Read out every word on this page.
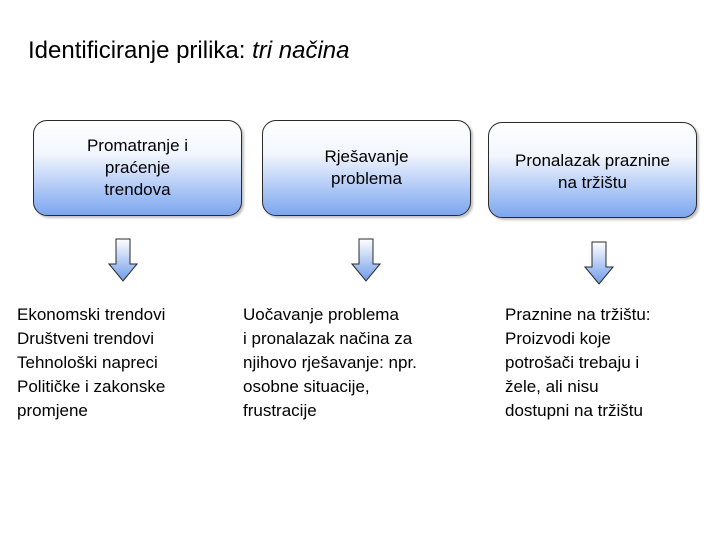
Identificiranje prilika: tri načina
Promatranje i
praćenje
trendova
Rješavanje
problema
Pronalazak praznine
na tržištu
Ekonomski trendovi
Društveni trendovi
Tehnološki napreci
Političke i zakonske
promjene
Uočavanje problema
i pronalazak načina za
njihovo rješavanje: npr.
osobne situacije,
frustracije
Praznine na tržištu:
Proizvodi koje
potrošači trebaju i
žele, ali nisu
dostupni na tržištu
